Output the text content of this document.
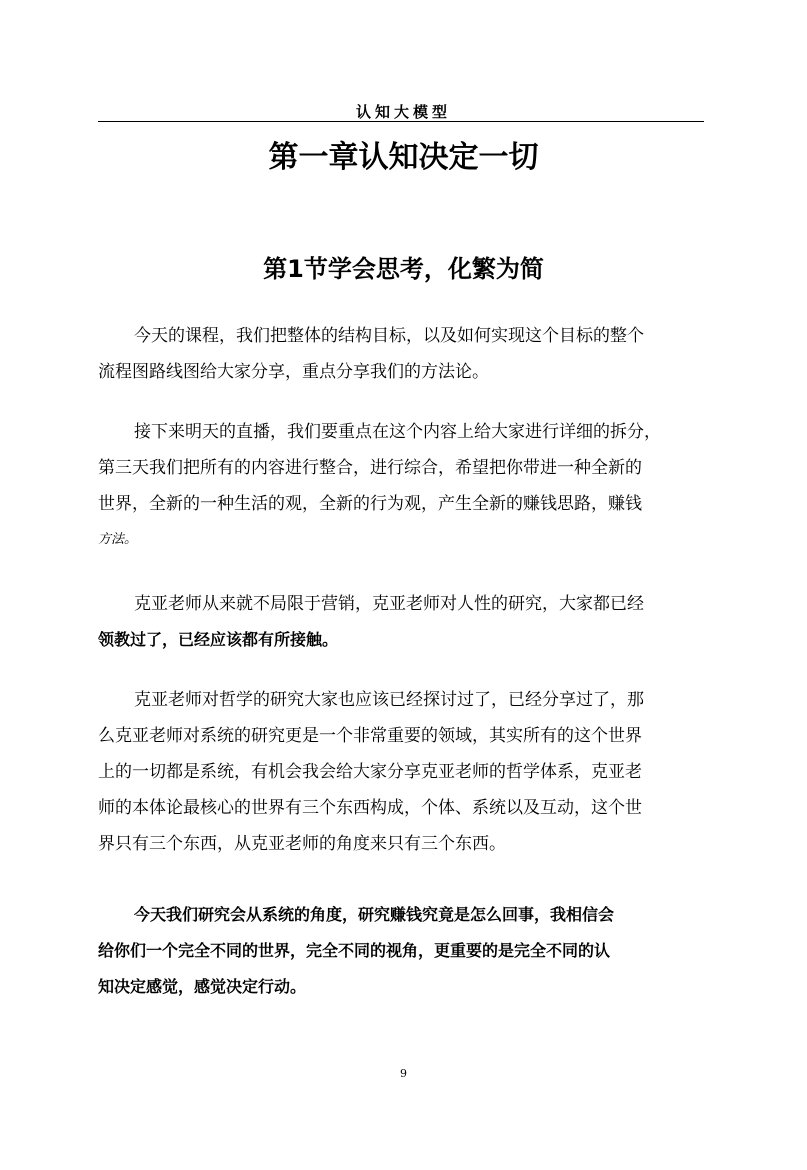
认知大模型
第一章认知决定一切
第1节学会思考，化繁为简

今天的课程，我们把整体的结构目标，以及如何实现这个目标的整个
流程图路线图给大家分享，重点分享我们的方法论。

接下来明天的直播，我们要重点在这个内容上给大家进行详细的拆分，
第三天我们把所有的内容进行整合，进行综合，希望把你带进一种全新的
世界，全新的一种生活的观，全新的行为观，产生全新的赚钱思路，赚钱
方法。

克亚老师从来就不局限于营销，克亚老师对人性的研究，大家都已经
领教过了，已经应该都有所接触。

克亚老师对哲学的研究大家也应该已经探讨过了，已经分享过了，那
么克亚老师对系统的研究更是一个非常重要的领域，其实所有的这个世界
上的一切都是系统，有机会我会给大家分享克亚老师的哲学体系，克亚老
师的本体论最核心的世界有三个东西构成，个体、系统以及互动，这个世
界只有三个东西，从克亚老师的角度来只有三个东西。

今天我们研究会从系统的角度，研究赚钱究竟是怎么回事，我相信会
给你们一个完全不同的世界，完全不同的视角，更重要的是完全不同的认
知决定感觉，感觉决定行动。

9
